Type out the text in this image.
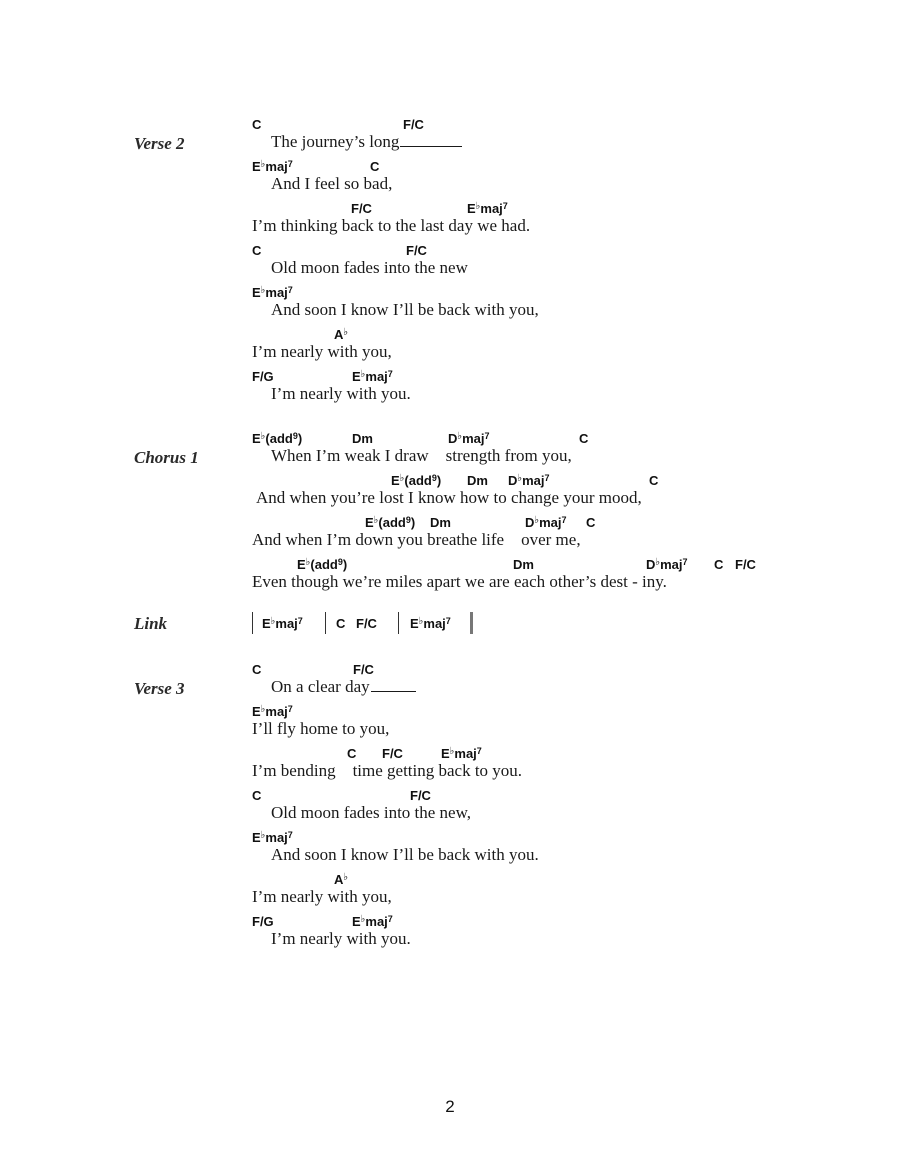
Verse 2
C	F/C
The journey’s long
E♭maj$^7$	C
And I feel so bad,
F/C	E♭maj$^7$
I’m thinking back to the last day we had.
C	F/C
Old moon fades into the new
E♭maj$^7$
And soon I know I’ll be back with you,
A♭
I’m nearly with you,
F/G	E♭maj$^7$
I’m nearly with you.
Chorus 1
E♭(add$^9$)	Dm	D♭maj$^7$	C
When I’m weak I draw    strength from you,
E♭(add$^9$) Dm D♭maj$^7$	C
And when you’re lost I know how to change your mood,
E♭(add$^9$) Dm	D♭maj$^7$ C
And when I’m down you breathe life    over me,
E♭(add$^9$)	Dm	D♭maj$^7$ C F/C
Even though we’re miles apart we are each other’s dest - iny.
Link	E♭maj$^7$	C F/C	E♭maj$^7$
Verse 3
C	F/C
On a clear day
E♭maj$^7$
I’ll fly home to you,
C F/C	E♭maj$^7$
I’m bending    time getting back to you.
C	F/C
Old moon fades into the new,
E♭maj$^7$
And soon I know I’ll be back with you.
A♭
I’m nearly with you,
F/G	E♭maj$^7$
I’m nearly with you.
2
